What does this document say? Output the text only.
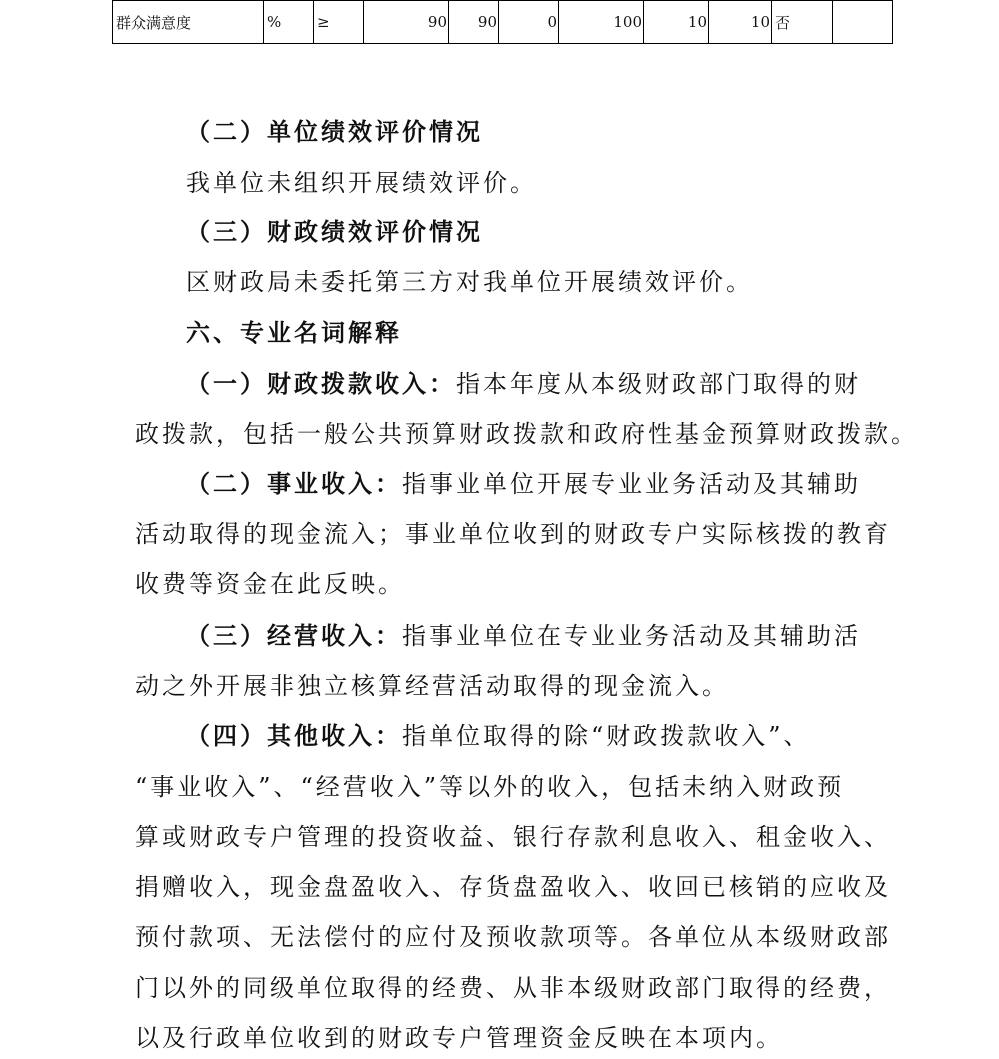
群众满意度	%	≥	90	90	0	100	10	10	否	
（二）单位绩效评价情况
我单位未组织开展绩效评价。
（三）财政绩效评价情况
区财政局未委托第三方对我单位开展绩效评价。
六、专业名词解释
（一）财政拨款收入：指本年度从本级财政部门取得的财
政拨款，包括一般公共预算财政拨款和政府性基金预算财政拨款。
（二）事业收入：指事业单位开展专业业务活动及其辅助
活动取得的现金流入；事业单位收到的财政专户实际核拨的教育
收费等资金在此反映。
（三）经营收入：指事业单位在专业业务活动及其辅助活
动之外开展非独立核算经营活动取得的现金流入。
（四）其他收入：指单位取得的除“财政拨款收入”、
“事业收入”、“经营收入”等以外的收入，包括未纳入财政预
算或财政专户管理的投资收益、银行存款利息收入、租金收入、
捐赠收入，现金盘盈收入、存货盘盈收入、收回已核销的应收及
预付款项、无法偿付的应付及预收款项等。各单位从本级财政部
门以外的同级单位取得的经费、从非本级财政部门取得的经费，
以及行政单位收到的财政专户管理资金反映在本项内。
